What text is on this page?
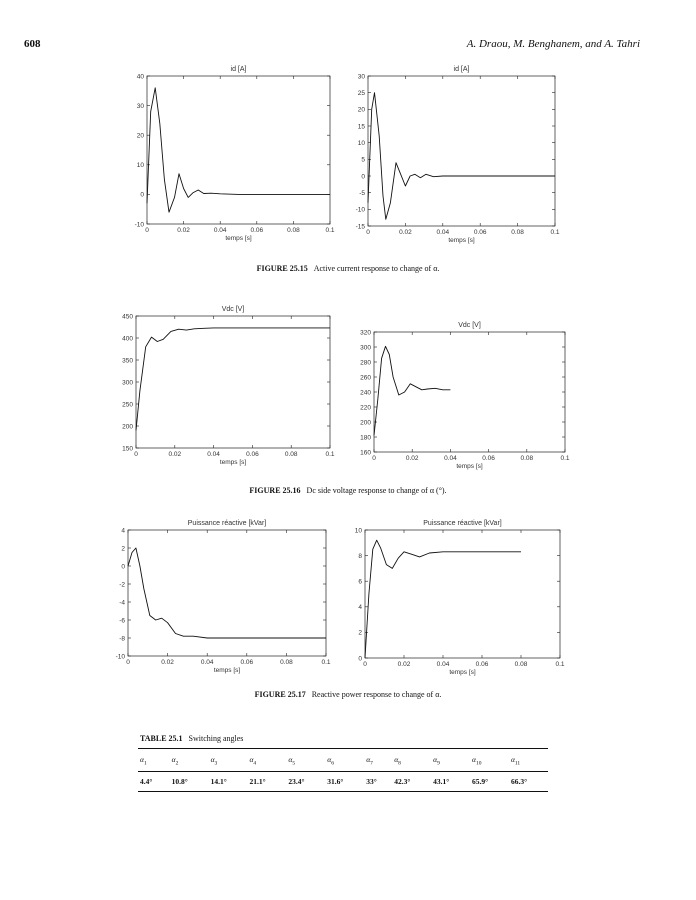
608	A. Draou, M. Benghanem, and A. Tahri
id [A]
0	0.02	0.04	0.06	0.08	0.1
-10
0
10
20
30
40
temps [s]
id [A]
0	0.02	0.04	0.06	0.08	0.1
-15
-10
-5
0
5
10
15
20
25
30
temps [s]
FIGURE 25.15 Active current response to change of α.
Vdc [V]
0	0.02	0.04	0.06	0.08	0.1
150
200
250
300
350
400
450
temps [s]
Vdc [V]
0	0.02	0.04	0.06	0.08	0.1
160
180
200
220
240
260
280
300
320
temps [s]
FIGURE 25.16 Dc side voltage response to change of α (°).
Puissance réactive [kVar]
0	0.02	0.04	0.06	0.08	0.1
-10
-8
-6
-4
-2
0
2
4
temps [s]
Puissance réactive [kVar]
0	0.02	0.04	0.06	0.08	0.1
0
2
4
6
8
10
temps [s]
FIGURE 25.17 Reactive power response to change of α.
TABLE 25.1 Switching angles
$\alpha_1$	$\alpha_2$	$\alpha_3$	$\alpha_4$	$\alpha_5$	$\alpha_6$	$\alpha_7$	$\alpha_8$	$\alpha_9$	$\alpha_{10}$	$\alpha_{11}$
4.4°	10.8°	14.1°	21.1°	23.4°	31.6°	33°	42.3°	43.1°	65.9°	66.3°
